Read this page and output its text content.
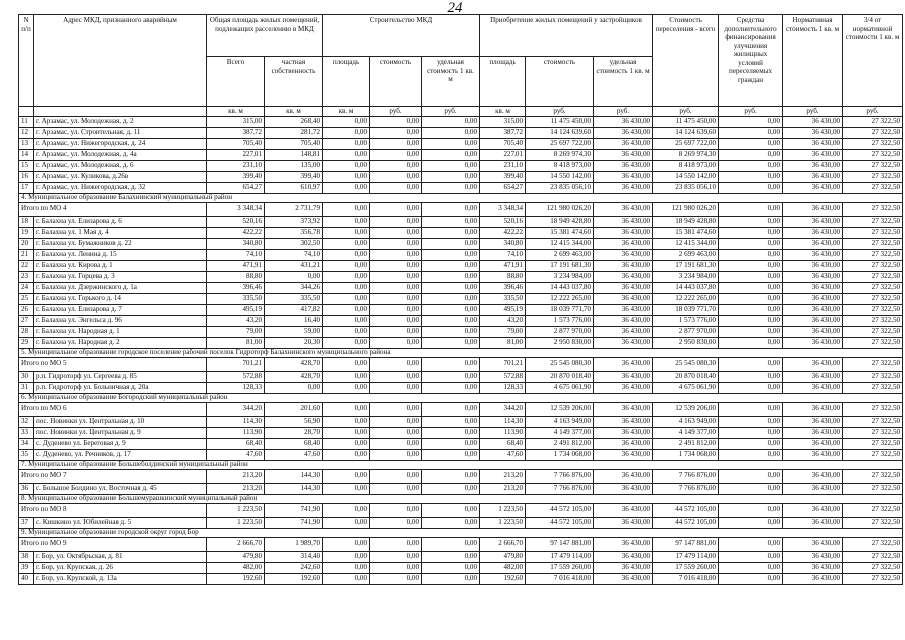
24
N п/п	Адрес МКД, признанного аварийным	Общая площадь жилых помещений, подлежащих расселению в МКД		Строительство МКД			Приобретение жилых помещений у застройщиков			Стоимость переселения - всего	Средства дополнительного финансирования улучшения жилищных условий переселяемых граждан	Нормативная стоимость 1 кв. м	3/4 от нормативной стоимости 1 кв. м
		Всего	частная собственность	площадь	стоимость	удельная стоимость 1 кв. м	площадь	стоимость	удельная стоимость 1 кв. м				
		кв. м	кв. м	кв. м	руб.	руб.	кв. м	руб.	руб.	руб.	руб.	руб.	руб.
11	г. Арзамас, ул. Молодежная, д. 2	315,00	268,40	0,00	0,00	0,00	315,00	11 475 450,00	36 430,00	11 475 450,00	0,00	36 430,00	27 322,50
12	г. Арзамас, ул. Строительная, д. 11	387,72	281,72	0,00	0,00	0,00	387,72	14 124 639,60	36 430,00	14 124 639,60	0,00	36 430,00	27 322,50
13	г. Арзамас, ул. Нижегородская, д. 24	705,40	705,40	0,00	0,00	0,00	705,40	25 697 722,00	36 430,00	25 697 722,00	0,00	36 430,00	27 322,50
14	г. Арзамас, ул. Молодежная, д. 4а	227,01	148,81	0,00	0,00	0,00	227,01	8 269 974,30	36 430,00	8 269 974,30	0,00	36 430,00	27 322,50
15	г. Арзамас, ул. Молодежная, д. 6	231,10	135,00	0,00	0,00	0,00	231,10	8 418 973,00	36 430,00	8 418 973,00	0,00	36 430,00	27 322,50
16	г. Арзамас, ул. Куликова, д.26в	399,40	399,40	0,00	0,00	0,00	399,40	14 550 142,00	36 430,00	14 550 142,00	0,00	36 430,00	27 322,50
17	г. Арзамас, ул. Нижегородская, д. 32	654,27	610,97	0,00	0,00	0,00	654,27	23 835 056,10	36 430,00	23 835 056,10	0,00	36 430,00	27 322,50
4. Муниципальное образование Балахнинский муниципальный район													
Итого по МО 4		3 348,34	2 731,79	0,00	0,00	0,00	3 348,34	121 980 026,20	36 430,00	121 980 026,20	0,00	36 430,00	27 322,50
18	г. Балахна ул. Елизарова д. 6	520,16	373,92	0,00	0,00	0,00	520,16	18 949 428,80	36 430,00	18 949 428,80	0,00	36 430,00	27 322,50
19	г. Балахна ул. 1 Мая д. 4	422,22	356,78	0,00	0,00	0,00	422,22	15 381 474,60	36 430,00	15 381 474,60	0,00	36 430,00	27 322,50
20	г. Балахна ул. Бумажников д. 22	340,80	302,50	0,00	0,00	0,00	340,80	12 415 344,00	36 430,00	12 415 344,00	0,00	36 430,00	27 322,50
21	г. Балахна ул. Ленина д. 15	74,10	74,10	0,00	0,00	0,00	74,10	2 699 463,00	36 430,00	2 699 463,00	0,00	36 430,00	27 322,50
22	г. Балахна ул. Кирова д. 1	471,91	431,21	0,00	0,00	0,00	471,91	17 191 681,30	36 430,00	17 191 681,30	0,00	36 430,00	27 322,50
23	г. Балахна ул. Горцева д. 3	88,80	0,00	0,00	0,00	0,00	88,80	3 234 984,00	36 430,00	3 234 984,00	0,00	36 430,00	27 322,50
24	г. Балахна ул. Дзержинского д. 1а	396,46	344,26	0,00	0,00	0,00	396,46	14 443 037,80	36 430,00	14 443 037,80	0,00	36 430,00	27 322,50
25	г. Балахна ул. Горького д. 14	335,50	335,50	0,00	0,00	0,00	335,50	12 222 265,00	36 430,00	12 222 265,00	0,00	36 430,00	27 322,50
26	г. Балахна ул. Елизарова д. 7	495,19	417,82	0,00	0,00	0,00	495,19	18 039 771,70	36 430,00	18 039 771,70	0,00	36 430,00	27 322,50
27	г. Балахна ул. Энгельса д. 96	43,20	16,40	0,00	0,00	0,00	43,20	1 573 776,00	36 430,00	1 573 776,00	0,00	36 430,00	27 322,50
28	г. Балахна ул. Народная д. 1	79,00	59,00	0,00	0,00	0,00	79,00	2 877 970,00	36 430,00	2 877 970,00	0,00	36 430,00	27 322,50
29	г. Балахна ул. Народная д. 2	81,00	20,30	0,00	0,00	0,00	81,00	2 950 830,00	36 430,00	2 950 830,00	0,00	36 430,00	27 322,50
5. Муниципальное образование городское поселение рабочий поселок Гидроторф Балахнинского муниципального района													
Итого по МО 5		701,21	428,70	0,00	0,00	0,00	701,21	25 545 080,30	36 430,00	25 545 080,30	0,00	36 430,00	27 322,50
30	р.п. Гидроторф ул. Сергеева д. 85	572,88	428,70	0,00	0,00	0,00	572,88	20 870 018,40	36 430,00	20 870 018,40	0,00	36 430,00	27 322,50
31	р.п. Гидроторф ул. Больничная д. 20а	128,33	0,00	0,00	0,00	0,00	128,33	4 675 061,90	36 430,00	4 675 061,90	0,00	36 430,00	27 322,50
6. Муниципальное образование Богородский муниципальный район													
Итого по МО 6		344,20	201,60	0,00	0,00	0,00	344,20	12 539 206,00	36 430,00	12 539 206,00	0,00	36 430,00	27 322,50
32	пос. Новинки ул. Центральная д. 10	114,30	56,90	0,00	0,00	0,00	114,30	4 163 949,00	36 430,00	4 163 949,00	0,00	36 430,00	27 322,50
33	пос. Новинки ул. Центральная д. 9	113,90	28,70	0,00	0,00	0,00	113,90	4 149 377,00	36 430,00	4 149 377,00	0,00	36 430,00	27 322,50
34	с. Дуденево ул. Береговая д. 9	68,40	68,40	0,00	0,00	0,00	68,40	2 491 812,00	36 430,00	2 491 812,00	0,00	36 430,00	27 322,50
35	с. Дуденево, ул. Речников, д. 17	47,60	47,60	0,00	0,00	0,00	47,60	1 734 068,00	36 430,00	1 734 068,00	0,00	36 430,00	27 322,50
7. Муниципальное образование Большеболдинский муниципальный район													
Итого по МО 7		213,20	144,30	0,00	0,00	0,00	213,20	7 766 876,00	36 430,00	7 766 876,00	0,00	36 430,00	27 322,50
36	с. Большое Болдино ул. Восточная д. 45	213,20	144,30	0,00	0,00	0,00	213,20	7 766 876,00	36 430,00	7 766 876,00	0,00	36 430,00	27 322,50
8. Муниципальное образование Большемурашкинский муниципальный район													
Итого по МО 8		1 223,50	741,90	0,00	0,00	0,00	1 223,50	44 572 105,00	36 430,00	44 572 105,00	0,00	36 430,00	27 322,50
37	с. Кишкино ул. Юбилейная д. 5	1 223,50	741,90	0,00	0,00	0,00	1 223,50	44 572 105,00	36 430,00	44 572 105,00	0,00	36 430,00	27 322,50
9. Муниципальное образование городской округ город Бор													
Итого по МО 9		2 666,70	1 989,70	0,00	0,00	0,00	2 666,70	97 147 881,00	36 430,00	97 147 881,00	0,00	36 430,00	27 322,50
38	г. Бор, ул. Октябрьская, д. 81	479,80	314,40	0,00	0,00	0,00	479,80	17 479 114,00	36 430,00	17 479 114,00	0,00	36 430,00	27 322,50
39	г. Бор, ул. Крупская, д. 26	482,00	242,60	0,00	0,00	0,00	482,00	17 559 260,00	36 430,00	17 559 260,00	0,00	36 430,00	27 322,50
40	г. Бор, ул. Крупской, д. 13а	192,60	192,60	0,00	0,00	0,00	192,60	7 016 418,00	36 430,00	7 016 418,00	0,00	36 430,00	27 322,50
